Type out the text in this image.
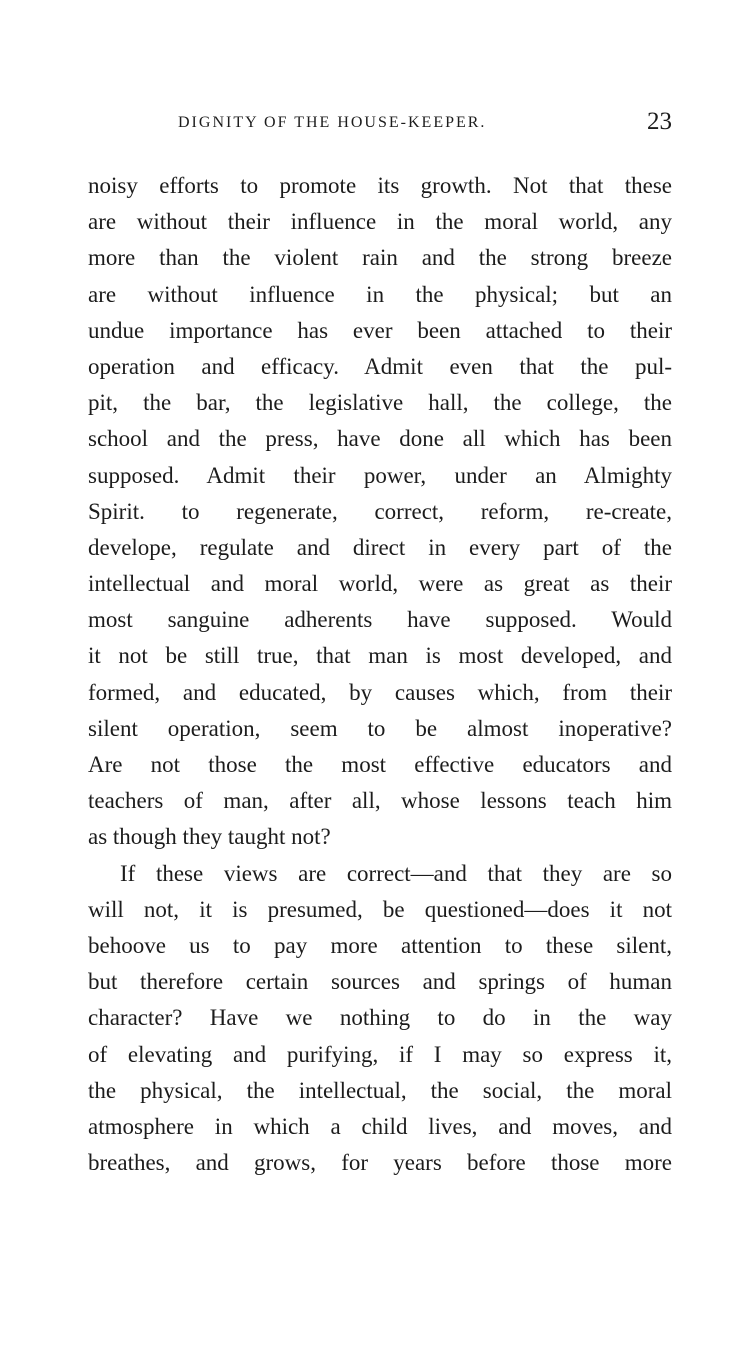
DIGNITY OF THE HOUSE-KEEPER.	23
noisy efforts to promote its growth. Not that these
are without their influence in the moral world, any
more than the violent rain and the strong breeze
are without influence in the physical; but an
undue importance has ever been attached to their
operation and efficacy. Admit even that the pul-
pit, the bar, the legislative hall, the college, the
school and the press, have done all which has been
supposed. Admit their power, under an Almighty
Spirit. to regenerate, correct, reform, re-create,
develope, regulate and direct in every part of the
intellectual and moral world, were as great as their
most sanguine adherents have supposed. Would
it not be still true, that man is most developed, and
formed, and educated, by causes which, from their
silent operation, seem to be almost inoperative?
Are not those the most effective educators and
teachers of man, after all, whose lessons teach him
as though they taught not?
If these views are correct—and that they are so
will not, it is presumed, be questioned—does it not
behoove us to pay more attention to these silent,
but therefore certain sources and springs of human
character? Have we nothing to do in the way
of elevating and purifying, if I may so express it,
the physical, the intellectual, the social, the moral
atmosphere in which a child lives, and moves, and
breathes, and grows, for years before those more
